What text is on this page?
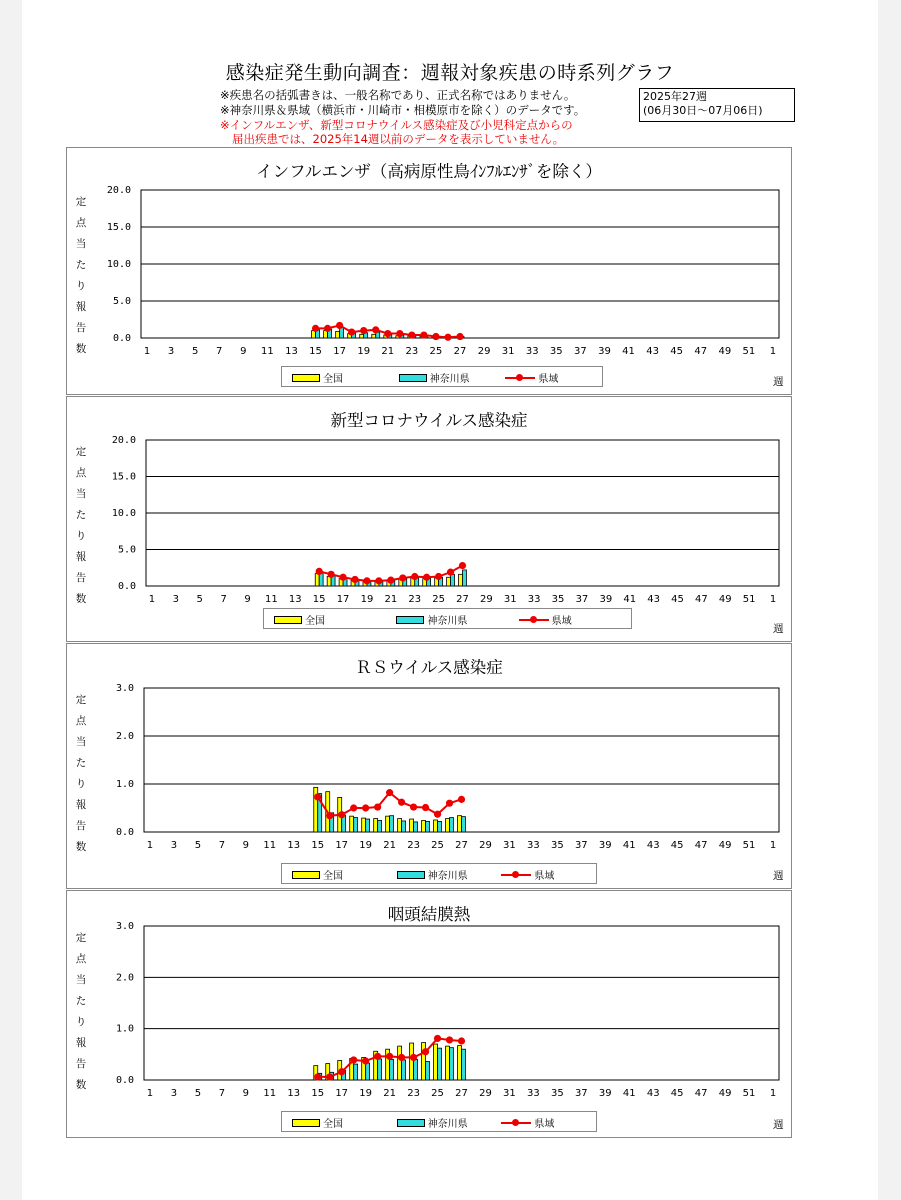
感染症発生動向調査：週報対象疾患の時系列グラフ
※疾患名の括弧書きは、一般名称であり、正式名称ではありません。
※神奈川県＆県域（横浜市・川崎市・相模原市を除く）のデータです。
※インフルエンザ、新型コロナウイルス感染症及び小児科定点からの
届出疾患では、2025年14週以前のデータを表示していません。
2025年27週
(06月30日〜07月06日)
インフルエンザ（高病原性鳥ｲﾝﾌﾙｴﾝｻﾞを除く）
定
点
当
た
り
報
告
数
0.0
5.0
10.0
15.0
20.0
1 3 5 7 9 11 13 15 17 19 21 23 25 27 29 31 33 35 37 39 41 43 45 47 49 51 1
全国	神奈川県	県域	週
新型コロナウイルス感染症
定
点
当
た
り
報
告
数
0.0
5.0
10.0
15.0
20.0
1 3 5 7 9 11 13 15 17 19 21 23 25 27 29 31 33 35 37 39 41 43 45 47 49 51 1
全国	神奈川県	県域
週
ＲＳウイルス感染症
定
点
当
た
り
報
告
数
0.0
1.0
2.0
3.0
1 3 5 7 9 11 13 15 17 19 21 23 25 27 29 31 33 35 37 39 41 43 45 47 49 51 1
全国	神奈川県	県域	週
咽頭結膜熱
定
点
当
た
り
報
告
数	0.0
1.0
2.0
3.0
1 3 5 7 9 11 13 15 17 19 21 23 25 27 29 31 33 35 37 39 41 43 45 47 49 51 1
全国	神奈川県	県域	週
